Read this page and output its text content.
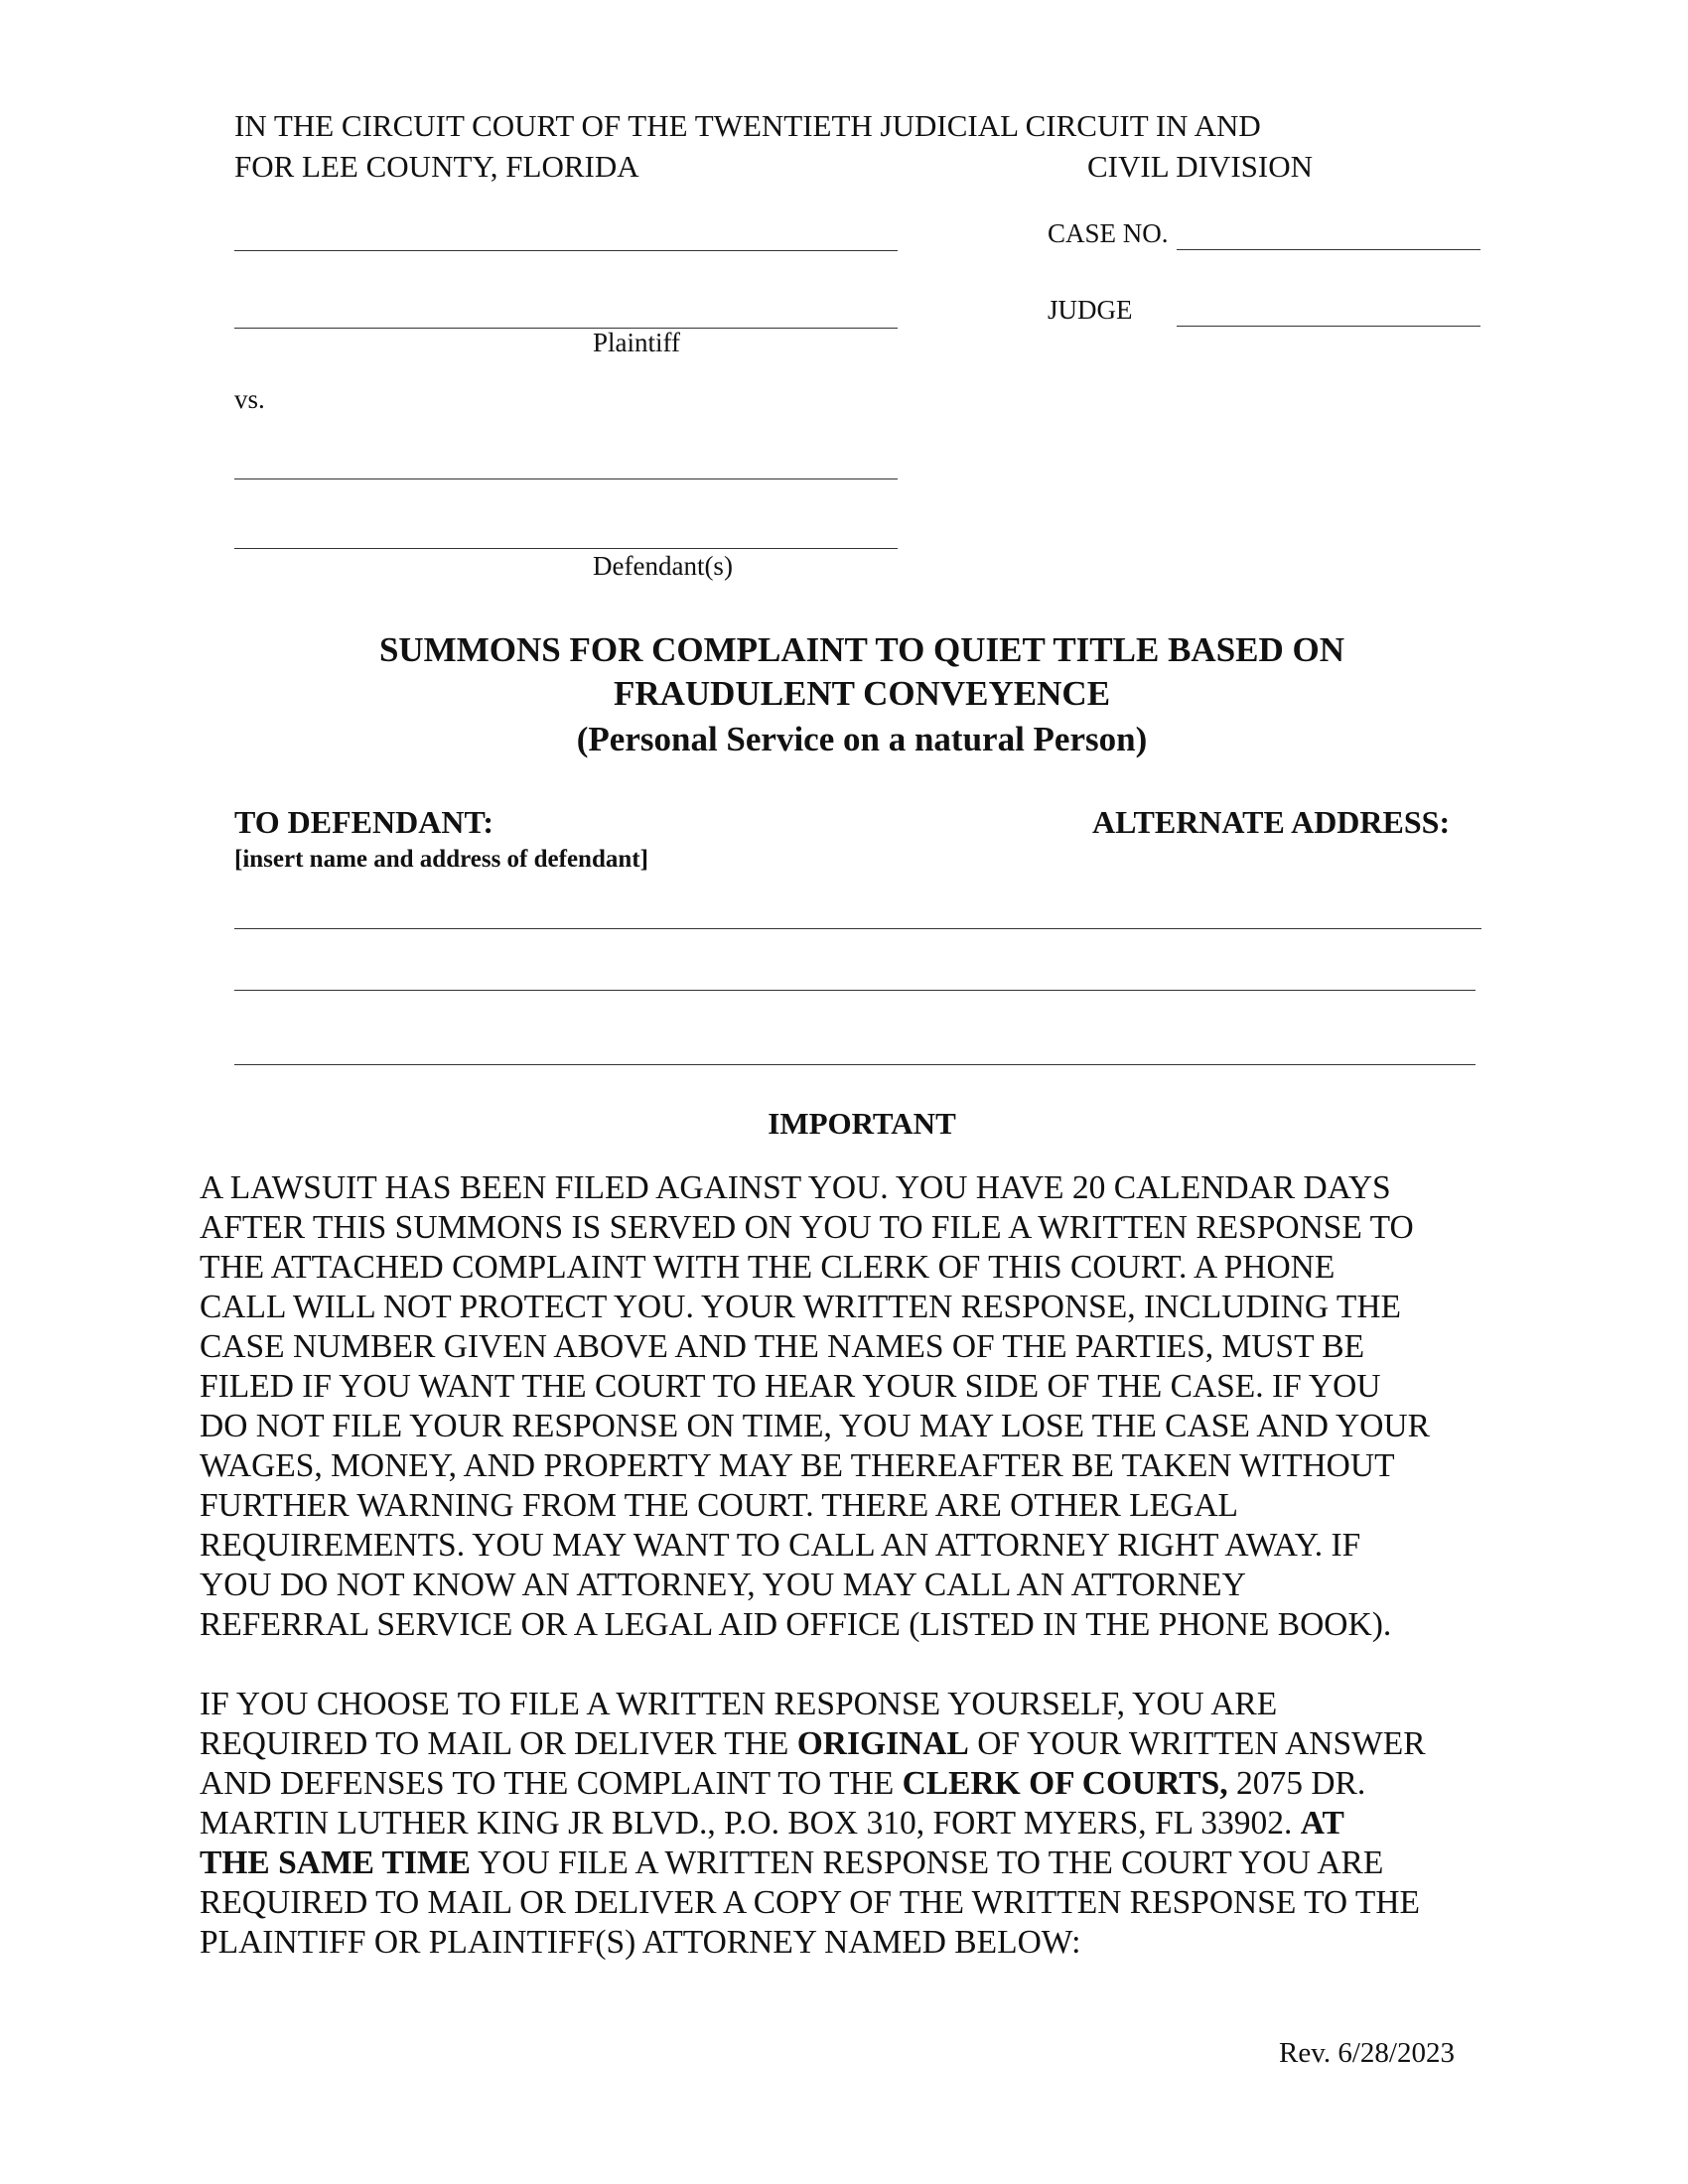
IN THE CIRCUIT COURT OF THE TWENTIETH JUDICIAL CIRCUIT IN AND
FOR LEE COUNTY, FLORIDA	CIVIL DIVISION
Plaintiff
CASE NO.
JUDGE
vs.
Defendant(s)
SUMMONS FOR COMPLAINT TO QUIET TITLE BASED ON
FRAUDULENT CONVEYENCE
(Personal Service on a natural Person)
TO DEFENDANT:
[insert name and address of defendant]
ALTERNATE ADDRESS:
IMPORTANT

A LAWSUIT HAS BEEN FILED AGAINST YOU. YOU HAVE 20 CALENDAR DAYS

AFTER THIS SUMMONS IS SERVED ON YOU TO FILE A WRITTEN RESPONSE TO

THE ATTACHED COMPLAINT WITH THE CLERK OF THIS COURT. A PHONE

CALL WILL NOT PROTECT YOU. YOUR WRITTEN RESPONSE, INCLUDING THE

CASE NUMBER GIVEN ABOVE AND THE NAMES OF THE PARTIES, MUST BE

FILED IF YOU WANT THE COURT TO HEAR YOUR SIDE OF THE CASE. IF YOU

DO NOT FILE YOUR RESPONSE ON TIME, YOU MAY LOSE THE CASE AND YOUR

WAGES, MONEY, AND PROPERTY MAY BE THEREAFTER BE TAKEN WITHOUT

FURTHER WARNING FROM THE COURT. THERE ARE OTHER LEGAL

REQUIREMENTS. YOU MAY WANT TO CALL AN ATTORNEY RIGHT AWAY. IF

YOU DO NOT KNOW AN ATTORNEY, YOU MAY CALL AN ATTORNEY

REFERRAL SERVICE OR A LEGAL AID OFFICE (LISTED IN THE PHONE BOOK).

IF YOU CHOOSE TO FILE A WRITTEN RESPONSE YOURSELF, YOU ARE

REQUIRED TO MAIL OR DELIVER THE ORIGINAL OF YOUR WRITTEN ANSWER

AND DEFENSES TO THE COMPLAINT TO THE CLERK OF COURTS, 2075 DR.

MARTIN LUTHER KING JR BLVD., P.O. BOX 310, FORT MYERS, FL 33902. AT

THE SAME TIME YOU FILE A WRITTEN RESPONSE TO THE COURT YOU ARE

REQUIRED TO MAIL OR DELIVER A COPY OF THE WRITTEN RESPONSE TO THE

PLAINTIFF OR PLAINTIFF(S) ATTORNEY NAMED BELOW:

Rev. 6/28/2023
